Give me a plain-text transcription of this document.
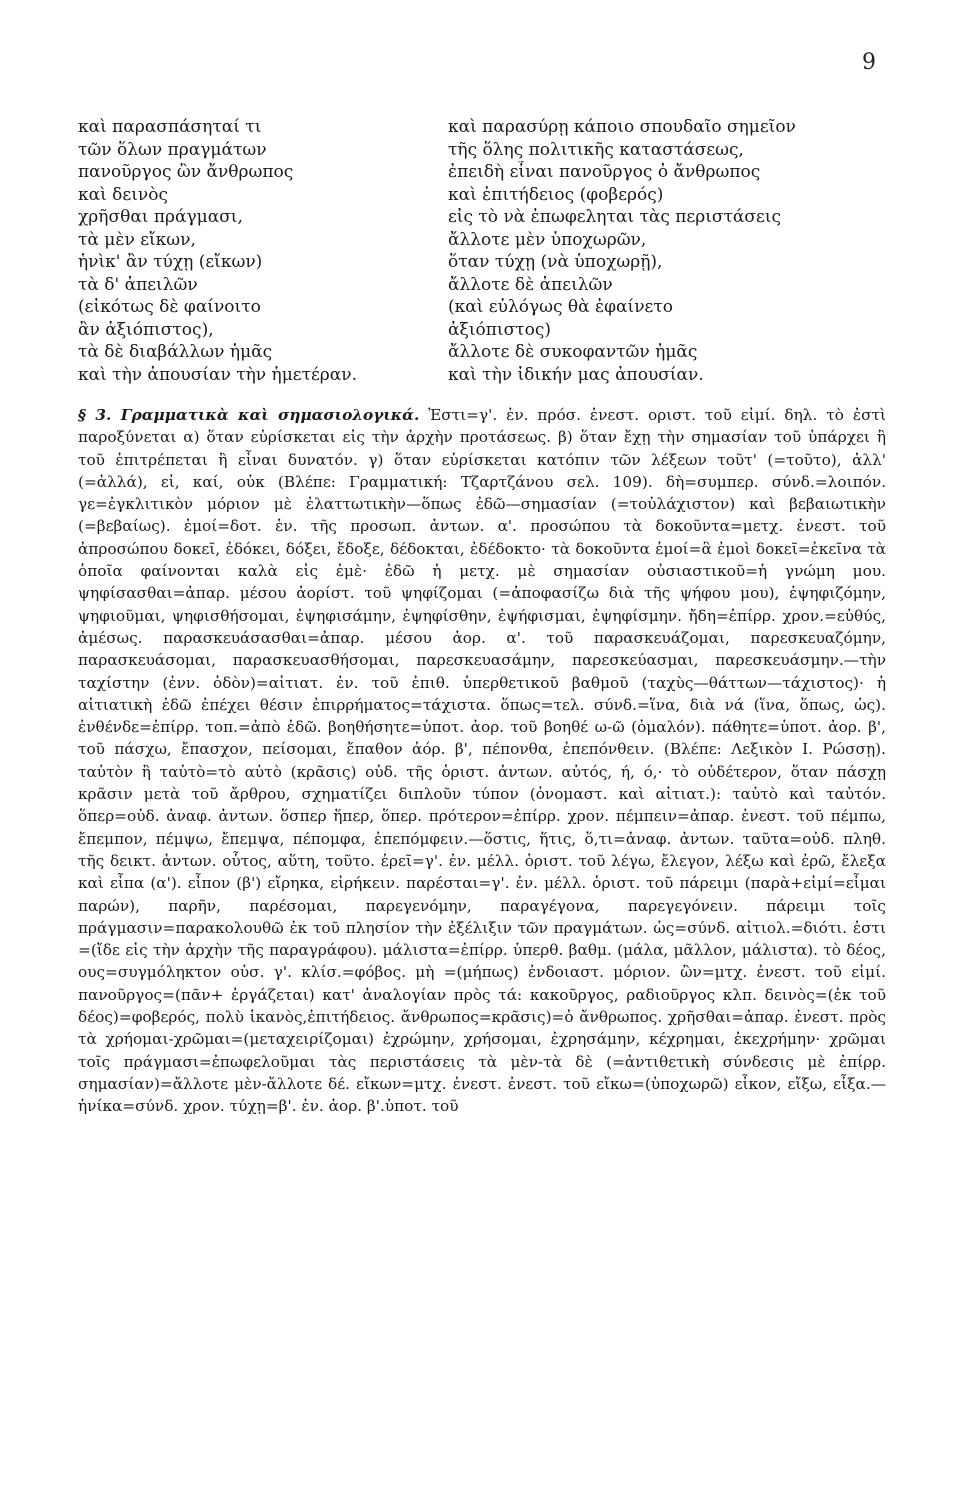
9
καὶ παρασπάσηταί τι
τῶν ὅλων πραγμάτων
πανοῦργος ὢν ἄνθρωπος
καὶ δεινὸς
χρῆσθαι πράγμασι,
τὰ μὲν εἴκων,
ἡνὶκ' ἂν τύχῃ (εἴκων)
τὰ δ' ἀπειλῶν
(εἰκότως δὲ φαίνοιτο
ἂν ἀξιόπιστος),
τὰ δὲ διαβάλλων ἡμᾶς
καὶ τὴν ἀπουσίαν τὴν ἡμετέραν.
καὶ παρασύρῃ κάποιο σπουδαῖο σημεῖον
τῆς ὅλης πολιτικῆς καταστάσεως,
ἐπειδὴ εἶναι πανοῦργος ὁ ἄνθρωπος
καὶ ἐπιτήδειος (φοβερός)
εἰς τὸ νὰ ἐπωφεληται τὰς περιστάσεις
ἄλλοτε μὲν ὑποχωρῶν,
ὅταν τύχῃ (νὰ ὑποχωρῇ),
ἄλλοτε δὲ ἀπειλῶν
(καὶ εὐλόγως θὰ ἐφαίνετο
ἀξιόπιστος)
ἄλλοτε δὲ συκοφαντῶν ἡμᾶς
καὶ τὴν ἰδικήν μας ἀπουσίαν.

§ 3. Γραμματικὰ καὶ σημασιολογικά. Ἐστι=γ'. ἐν. πρόσ. ἐνεστ. οριστ. τοῦ εἰμί. δηλ. τὸ ἐστὶ παροξύνεται α) ὅταν εὑρίσκεται εἰς τὴν ἀρχὴν προτάσεως. β) ὅταν ἔχῃ τὴν σημασίαν τοῦ ὑπάρχει ἢ τοῦ ἐπιτρέπεται ἢ εἶναι δυνατόν. γ) ὅταν εὑρίσκεται κατόπιν τῶν λέξεων τοῦτ' (=τοῦτο), ἀλλ' (=ἀλλά), εἰ, καί, οὐκ (Βλέπε: Γραμματική: Τζαρτζάνου σελ. 109). δὴ=συμπερ. σύνδ.=λοιπόν. γε=ἐγκλιτικὸν μόριον μὲ ἐλαττωτικὴν—ὅπως ἐδῶ—σημασίαν (=τοὐλάχιστον) καὶ βεβαιωτικὴν (=βεβαίως). ἐμοί=δοτ. ἑν. τῆς προσωπ. ἀντων. α'. προσώπου τὰ δοκοῦντα=μετχ. ἐνεστ. τοῦ ἀπροσώπου δοκεῖ, ἐδόκει, δόξει, ἔδοξε, δέδοκται, ἐδέδοκτο· τὰ δοκοῦντα ἐμοί=ἃ ἐμοὶ δοκεῖ=ἐκεῖνα τὰ ὁποῖα φαίνονται καλὰ εἰς ἐμὲ· ἐδῶ ἡ μετχ. μὲ σημασίαν οὐσιαστικοῦ=ἡ γνώμη μου. ψηφίσασθαι=ἀπαρ. μέσου ἀορίστ. τοῦ ψηφίζομαι (=ἀποφασίζω διὰ τῆς ψήφου μου), ἐψηφιζόμην, ψηφιοῦμαι, ψηφισθήσομαι, ἐψηφισάμην, ἐψηφίσθην, ἐψήφισμαι, ἐψηφίσμην. ἤδη=ἐπίρρ. χρον.=εὐθύς, ἀμέσως. παρασκευάσασθαι=ἀπαρ. μέσου ἀορ. α'. τοῦ παρασκευάζομαι, παρεσκευαζόμην, παρασκευάσομαι, παρασκευασθήσομαι, παρεσκευασάμην, παρεσκεύασμαι, παρεσκευάσμην.—τὴν ταχίστην (ἐνν. ὁδὸν)=αἰτιατ. ἐν. τοῦ ἐπιθ. ὑπερθετικοῦ βαθμοῦ (ταχὺς—θάττων—τάχιστος)· ἡ αἰτιατικὴ ἐδῶ ἐπέχει θέσιν ἐπιρρήματος=τάχιστα. ὅπως=τελ. σύνδ.=ἵνα, διὰ νά (ἵνα, ὅπως, ὡς). ἐνθένδε=ἐπίρρ. τοπ.=ἀπὸ ἐδῶ. βοηθήσητε=ὑποτ. ἀορ. τοῦ βοηθέ ω-ῶ (ὁμαλόν). πάθητε=ὑποτ. ἀορ. β', τοῦ πάσχω, ἔπασχον, πείσομαι, ἔπαθον ἀόρ. β', πέπονθα, ἐπεπόνθειν. (Βλέπε: Λεξικὸν Ι. Ρώσσῃ). ταὐτὸν ἢ ταὐτὸ=τὸ αὐτὸ (κρᾶσις) οὐδ. τῆς ὁριστ. ἀντων. αὐτός, ή, ό,· τὸ οὐδέτερον, ὅταν πάσχῃ κρᾶσιν μετὰ τοῦ ἄρθρου, σχηματίζει διπλοῦν τύπον (ὀνομαστ. καὶ αἰτιατ.): ταὐτὸ καὶ ταὐτόν. ὅπερ=οὐδ. ἀναφ. ἀντων. ὅσπερ ἥπερ, ὅπερ. πρότερον=ἐπίρρ. χρον. πέμπειν=ἀπαρ. ἐνεστ. τοῦ πέμπω, ἔπεμπον, πέμψω, ἔπεμψα, πέπομφα, ἐπεπόμφειν.—ὅστις, ἥτις, ὅ,τι=ἀναφ. ἀντων. ταῦτα=οὐδ. πληθ. τῆς δεικτ. ἀντων. οὗτος, αὕτη, τοῦτο. ἐρεῖ=γ'. ἐν. μέλλ. ὁριστ. τοῦ λέγω, ἔλεγον, λέξω καὶ ἐρῶ, ἔλεξα καὶ εἶπα (α'). εἶπον (β') εἴρηκα, εἰρήκειν. παρέσται=γ'. ἐν. μέλλ. ὁριστ. τοῦ πάρειμι (παρὰ+εἰμί=εἶμαι παρών), παρῆν, παρέσομαι, παρεγενόμην, παραγέγονα, παρεγεγόνειν. πάρειμι τοῖς πράγμασιν=παρακολουθῶ ἐκ τοῦ πλησίον τὴν ἐξέλιξιν τῶν πραγμάτων. ὡς=σύνδ. αἰτιολ.=διότι. ἐστι =(ἴδε εἰς τὴν ἀρχὴν τῆς παραγράφου). μάλιστα=ἐπίρρ. ὑπερθ. βαθμ. (μάλα, μᾶλλον, μάλιστα). τὸ δέος, ους=συγμόληκτον οὐσ. γ'. κλίσ.=φόβος. μὴ =(μήπως) ἐνδοιαστ. μόριον. ὢν=μτχ. ἐνεστ. τοῦ εἰμί. πανοῦργος=(πᾶν+ ἐργάζεται) κατ' ἀναλογίαν πρὸς τά: κακοῦργος, ραδιοῦργος κλπ. δεινὸς=(ἐκ τοῦ δέος)=φοβερός, πολὺ ἱκανὸς,ἐπιτήδειος. ἄνθρωπος=κρᾶσις)=ὁ ἄνθρωπος. χρῆσθαι=ἀπαρ. ἐνεστ. πρὸς τὰ χρήομαι-χρῶμαι=(μεταχειρίζομαι) ἐχρώμην, χρήσομαι, ἐχρησάμην, κέχρημαι, ἐκεχρήμην· χρῶμαι τοῖς πράγμασι=ἐπωφελοῦμαι τὰς περιστάσεις τὰ μὲν-τὰ δὲ (=ἀντιθετικὴ σύνδεσις μὲ ἐπίρρ. σημασίαν)=ἄλλοτε μὲν-ἄλλοτε δέ. εἴκων=μτχ. ἐνεστ. ἐνεστ. τοῦ εἴκω=(ὑποχωρῶ) εἶκον, εἴξω, εἶξα.—ἡνίκα=σύνδ. χρον. τύχῃ=β'. ἐν. ἀορ. β'.ὑποτ. τοῦ
